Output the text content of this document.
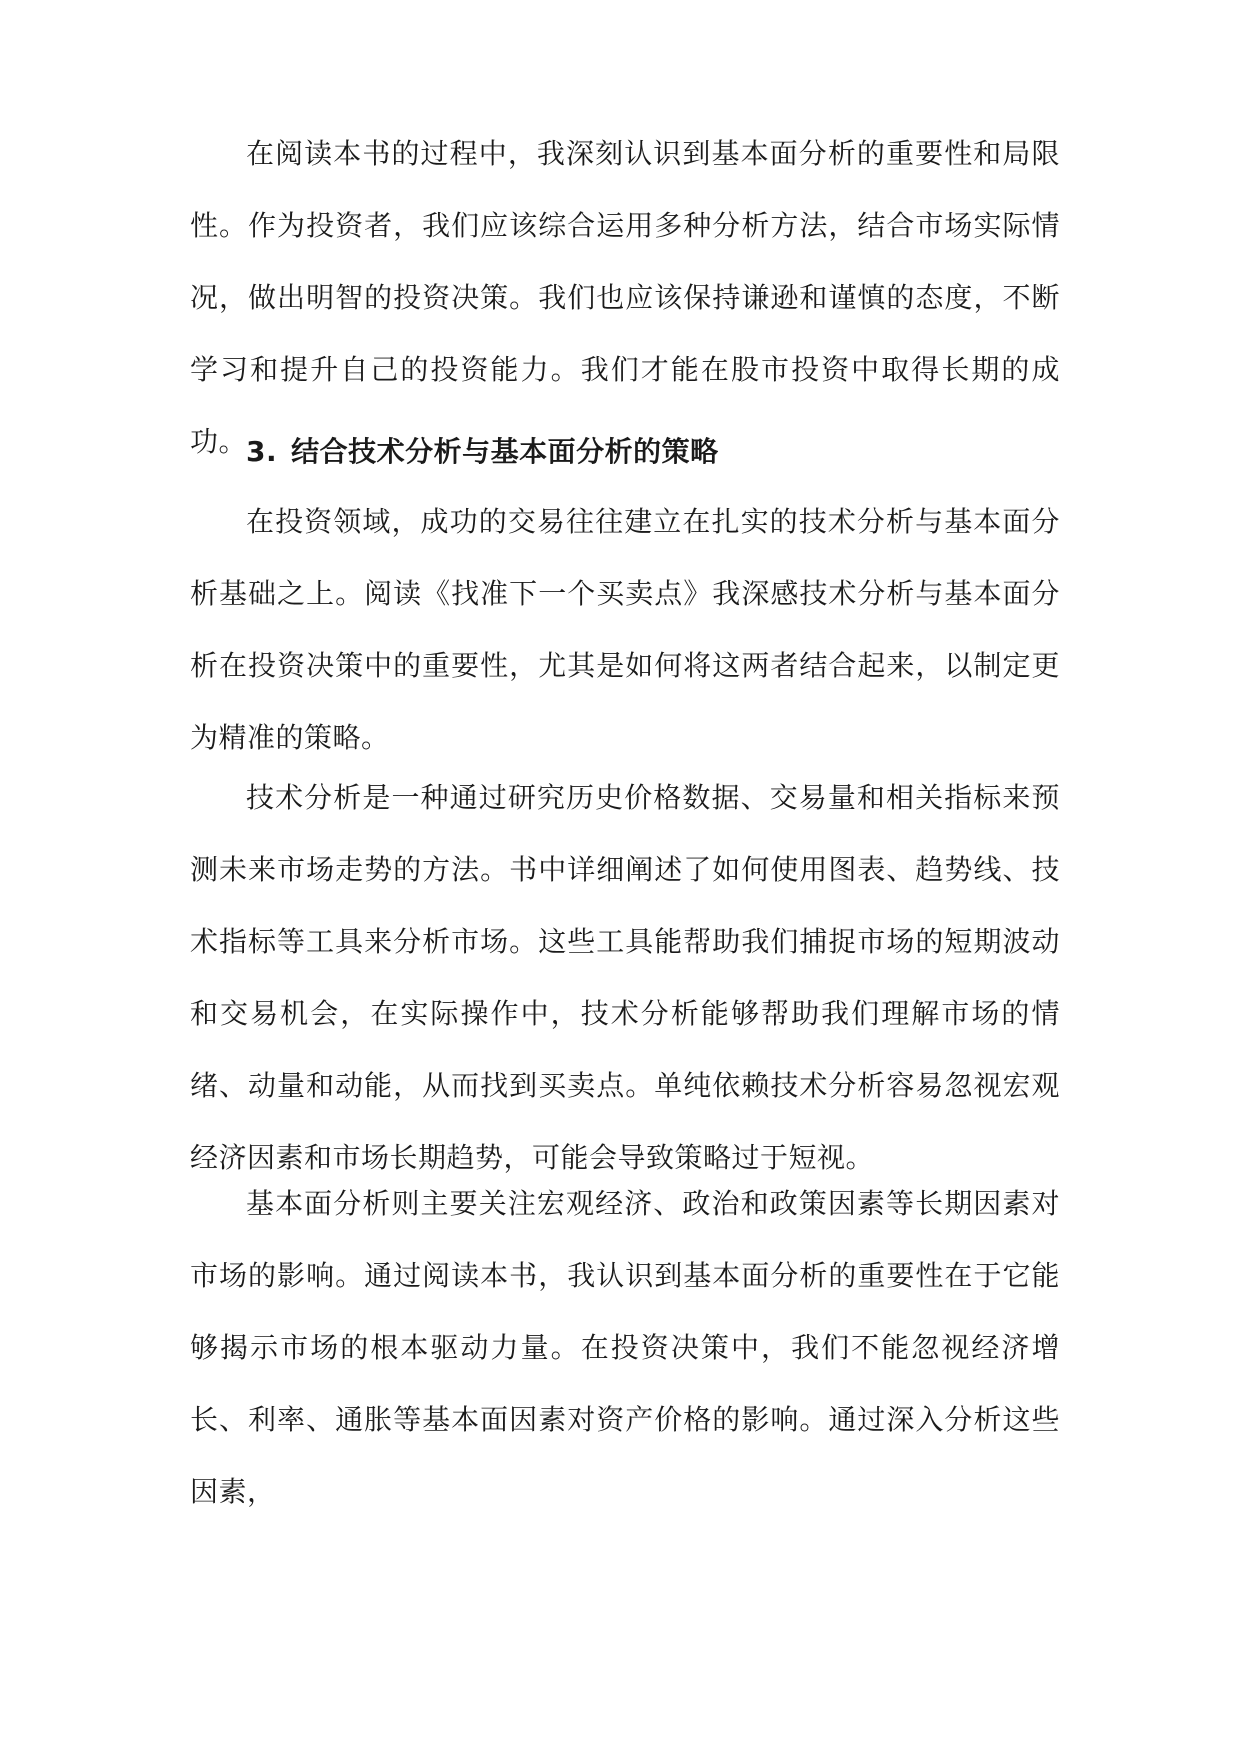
在阅读本书的过程中，我深刻认识到基本面分析的重要性和局限性。作为投资者，我们应该综合运用多种分析方法，结合市场实际情况，做出明智的投资决策。我们也应该保持谦逊和谨慎的态度，不断学习和提升自己的投资能力。我们才能在股市投资中取得长期的成功。

3. 结合技术分析与基本面分析的策略

在投资领域，成功的交易往往建立在扎实的技术分析与基本面分析基础之上。阅读《找准下一个买卖点》我深感技术分析与基本面分析在投资决策中的重要性，尤其是如何将这两者结合起来，以制定更为精准的策略。

技术分析是一种通过研究历史价格数据、交易量和相关指标来预测未来市场走势的方法。书中详细阐述了如何使用图表、趋势线、技术指标等工具来分析市场。这些工具能帮助我们捕捉市场的短期波动和交易机会，在实际操作中，技术分析能够帮助我们理解市场的情绪、动量和动能，从而找到买卖点。单纯依赖技术分析容易忽视宏观经济因素和市场长期趋势，可能会导致策略过于短视。

基本面分析则主要关注宏观经济、政治和政策因素等长期因素对市场的影响。通过阅读本书，我认识到基本面分析的重要性在于它能够揭示市场的根本驱动力量。在投资决策中，我们不能忽视经济增长、利率、通胀等基本面因素对资产价格的影响。通过深入分析这些因素，
